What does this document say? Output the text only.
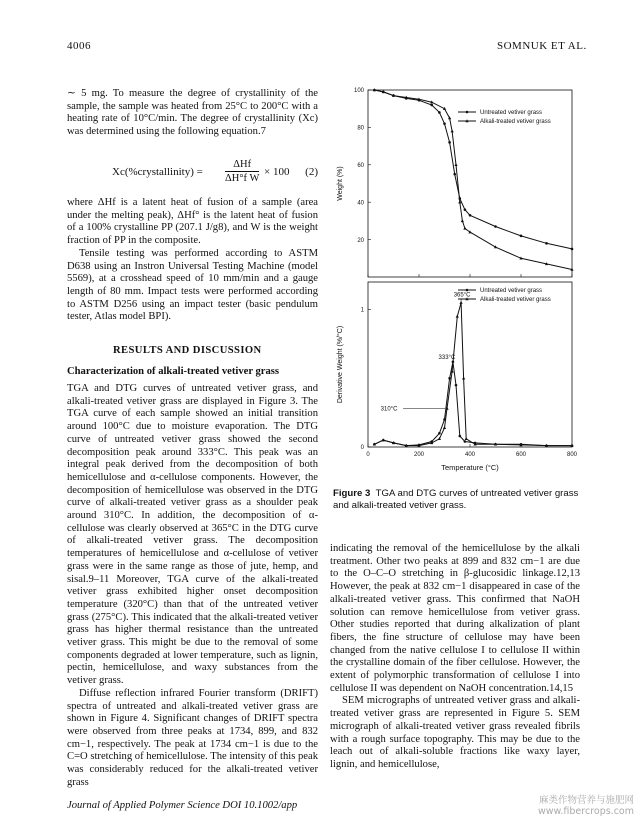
4006	SOMNUK ET AL.

∼ 5 mg. To measure the degree of crystallinity of the sample, the sample was heated from 25°C to 200°C with a heating rate of 10°C/min. The degree of crystallinity (Xc) was determined using the following equation.7

Xc(%crystallinity) =
ΔHf
ΔH°f W
× 100 (2)

where ΔHf is a latent heat of fusion of a sample (area under the melting peak), ΔHf° is the latent heat of fusion of a 100% crystalline PP (207.1 J/g8), and W is the weight fraction of PP in the composite.

Tensile testing was performed according to ASTM D638 using an Instron Universal Testing Machine (model 5569), at a crosshead speed of 10 mm/min and a gauge length of 80 mm. Impact tests were performed according to ASTM D256 using an impact tester (basic pendulum tester, Atlas model BPI).

RESULTS AND DISCUSSION
Characterization of alkali-treated vetiver grass

TGA and DTG curves of untreated vetiver grass, and alkali-treated vetiver grass are displayed in Figure 3. The TGA curve of each sample showed an initial transition around 100°C due to moisture evaporation. The DTG curve of untreated vetiver grass showed the second decomposition peak around 333°C. This peak was an integral peak derived from the decomposition of both hemicellulose and α-cellulose components. However, the decomposition of hemicellulose was observed in the DTG curve of alkali-treated vetiver grass as a shoulder peak around 310°C. In addition, the decomposition of α-cellulose was clearly observed at 365°C in the DTG curve of alkali-treated vetiver grass. The decomposition temperatures of hemicellulose and α-cellulose of vetiver grass were in the same range as those of jute, hemp, and sisal.9–11 Moreover, TGA curve of the alkali-treated vetiver grass exhibited higher onset decomposition temperature (320°C) than that of the untreated vetiver grass (275°C). This indicated that the alkali-treated vetiver grass has higher thermal resistance than the untreated vetiver grass. This might be due to the removal of some components degraded at lower temperature, such as lignin, pectin, hemicellulose, and waxy substances from the vetiver grass.

Diffuse reflection infrared Fourier transform (DRIFT) spectra of untreated and alkali-treated vetiver grass are shown in Figure 4. Significant changes of DRIFT spectra were observed from three peaks at 1734, 899, and 832 cm−1, respectively. The peak at 1734 cm−1 is due to the C=O stretching of hemicellulose. The intensity of this peak was considerably reduced for the alkali-treated vetiver grass

100
80
60
40
20
Weight (%)
Untreated vetiver grass
Alkali-treated vetiver grass
1
0
0	200	400	600	800
Derivative Weight (%/°C)
Untreated vetiver grass
Alkali-treated vetiver grass
365°C
333°C
310°C
Temperature (°C)
Figure 3 TGA and DTG curves of untreated vetiver grass and alkali-treated vetiver grass.

indicating the removal of the hemicellulose by the alkali treatment. Other two peaks at 899 and 832 cm−1 are due to the O–C–O stretching in β-glucosidic linkage.12,13 However, the peak at 832 cm−1 disappeared in case of the alkali-treated vetiver grass. This confirmed that NaOH solution can remove hemicellulose from vetiver grass. Other studies reported that during alkalization of plant fibers, the fine structure of cellulose may have been changed from the native cellulose I to cellulose II within the crystalline domain of the fiber cellulose. However, the extent of polymorphic transformation of cellulose I into cellulose II was dependent on NaOH concentration.14,15

SEM micrographs of untreated vetiver grass and alkali-treated vetiver grass are represented in Figure 5. SEM micrograph of alkali-treated vetiver grass revealed fibrils with a rough surface topography. This may be due to the leach out of alkali-soluble fractions like waxy layer, lignin, and hemicellulose,

Journal of Applied Polymer Science DOI 10.1002/app	麻类作物营养与施肥网
www.fibercrops.com
